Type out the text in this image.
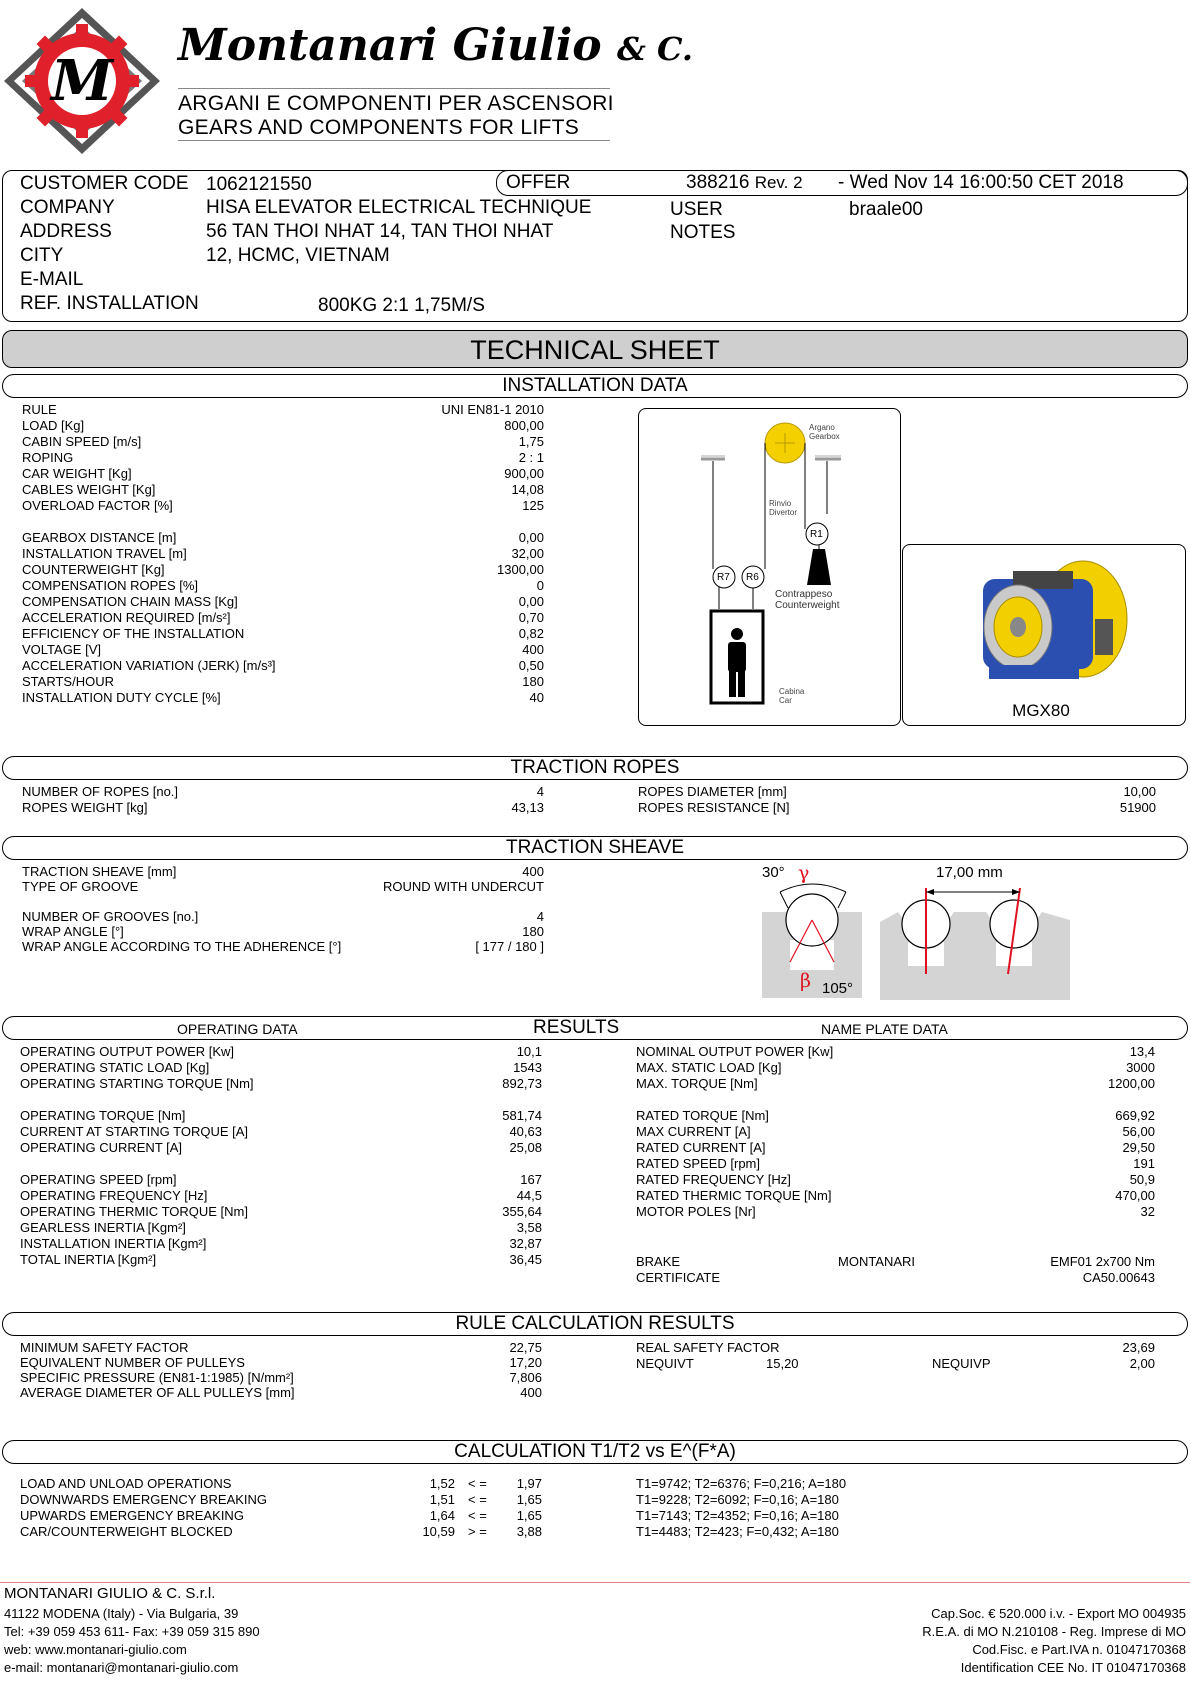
M
Montanari Giulio & C.
ARGANI E COMPONENTI PER ASCENSORI
GEARS AND COMPONENTS FOR LIFTS
CUSTOMER CODE 1062121550	OFFER	388216 Rev. 2 - Wed Nov 14 16:00:50 CET 2018
COMPANY	HISA ELEVATOR ELECTRICAL TECHNIQUE	USER	braale00
ADDRESS	56 TAN THOI NHAT 14, TAN THOI NHAT	NOTES
CITY	12, HCMC, VIETNAM
E-MAIL
REF. INSTALLATION	800KG 2:1 1,75M/S
TECHNICAL SHEET
INSTALLATION DATA
Argano
Gearbox
Rinvio
Divertor
R7 R6
R1
Contrappeso
Counterweight
Cabina
Car
MGX80
TRACTION ROPES
TRACTION SHEAVE
30° γ
β 105°
17,00 mm
OPERATING DATA	RESULTS	NAME PLATE DATA
BRAKE	MONTANARI	EMF01 2x700 Nm
CERTIFICATE	CA50.00643
RULE CALCULATION RESULTS
REAL SAFETY FACTOR	23,69
NEQUIVT	15,20	NEQUIVP	2,00
CALCULATION T1/T2 vs E^(F*A)
MONTANARI GIULIO & C. S.r.l.
RULE	UNI EN81-1 2010
LOAD [Kg]	800,00
CABIN SPEED [m/s]	1,75
ROPING	2 : 1
CAR WEIGHT [Kg]	900,00
CABLES WEIGHT [Kg]	14,08
OVERLOAD FACTOR [%]	125
GEARBOX DISTANCE [m]	0,00
INSTALLATION TRAVEL [m]	32,00
COUNTERWEIGHT [Kg]	1300,00
COMPENSATION ROPES [%]	0
COMPENSATION CHAIN MASS [Kg]	0,00
ACCELERATION REQUIRED [m/s²]	0,70
EFFICIENCY OF THE INSTALLATION	0,82
VOLTAGE [V]	400
ACCELERATION VARIATION (JERK) [m/s³]	0,50
STARTS/HOUR	180
INSTALLATION DUTY CYCLE [%]	40
NUMBER OF ROPES [no.]	4
ROPES WEIGHT [kg]	43,13
ROPES DIAMETER [mm]	10,00
ROPES RESISTANCE [N]	51900
TRACTION SHEAVE [mm]	400
TYPE OF GROOVE	ROUND WITH UNDERCUT
NUMBER OF GROOVES [no.]	4
WRAP ANGLE [°]	180
WRAP ANGLE ACCORDING TO THE ADHERENCE [°]	[ 177 / 180 ]
OPERATING OUTPUT POWER [Kw]	10,1
OPERATING STATIC LOAD [Kg]	1543
OPERATING STARTING TORQUE [Nm]	892,73
OPERATING TORQUE [Nm]	581,74
CURRENT AT STARTING TORQUE [A]	40,63
OPERATING CURRENT [A]	25,08
OPERATING SPEED [rpm]	167
OPERATING FREQUENCY [Hz]	44,5
OPERATING THERMIC TORQUE [Nm]	355,64
GEARLESS INERTIA [Kgm²]	3,58
INSTALLATION INERTIA [Kgm²]	32,87
TOTAL INERTIA [Kgm²]	36,45
NOMINAL OUTPUT POWER [Kw]	13,4
MAX. STATIC LOAD [Kg]	3000
MAX. TORQUE [Nm]	1200,00
RATED TORQUE [Nm]	669,92
MAX CURRENT [A]	56,00
RATED CURRENT [A]	29,50
RATED SPEED [rpm]	191
RATED FREQUENCY [Hz]	50,9
RATED THERMIC TORQUE [Nm]	470,00
MOTOR POLES [Nr]	32
MINIMUM SAFETY FACTOR	22,75
EQUIVALENT NUMBER OF PULLEYS	17,20
SPECIFIC PRESSURE (EN81-1:1985) [N/mm²]	7,806
AVERAGE DIAMETER OF ALL PULLEYS [mm]	400
LOAD AND UNLOAD OPERATIONS	1,52 < = 1,97	T1=9742; T2=6376; F=0,216; A=180
DOWNWARDS EMERGENCY BREAKING	1,51 < = 1,65	T1=9228; T2=6092; F=0,16; A=180
UPWARDS EMERGENCY BREAKING	1,64 < = 1,65	T1=7143; T2=4352; F=0,16; A=180
CAR/COUNTERWEIGHT BLOCKED	10,59 > = 3,88	T1=4483; T2=423; F=0,432; A=180
41122 MODENA (Italy) - Via Bulgaria, 39
Tel: +39 059 453 611- Fax: +39 059 315 890
web: www.montanari-giulio.com
e-mail: montanari@montanari-giulio.com
Cap.Soc. € 520.000 i.v. - Export MO 004935
R.E.A. di MO N.210108 - Reg. Imprese di MO
Cod.Fisc. e Part.IVA n. 01047170368
Identification CEE No. IT 01047170368
